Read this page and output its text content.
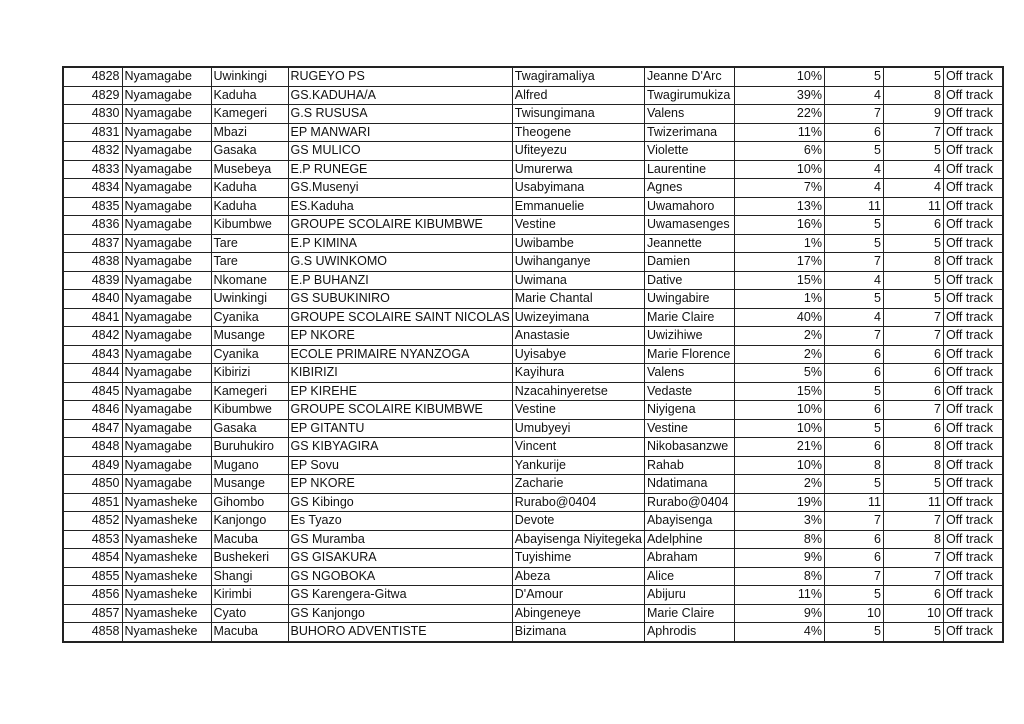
4828	Nyamagabe	Uwinkingi	RUGEYO PS	Twagiramaliya	Jeanne D'Arc	10%	5	5	Off track
4829	Nyamagabe	Kaduha	GS.KADUHA/A	Alfred	Twagirumukiza	39%	4	8	Off track
4830	Nyamagabe	Kamegeri	G.S RUSUSA	Twisungimana	Valens	22%	7	9	Off track
4831	Nyamagabe	Mbazi	EP MANWARI	Theogene	Twizerimana	11%	6	7	Off track
4832	Nyamagabe	Gasaka	GS MULICO	Ufiteyezu	Violette	6%	5	5	Off track
4833	Nyamagabe	Musebeya	E.P RUNEGE	Umurerwa	Laurentine	10%	4	4	Off track
4834	Nyamagabe	Kaduha	GS.Musenyi	Usabyimana	Agnes	7%	4	4	Off track
4835	Nyamagabe	Kaduha	ES.Kaduha	Emmanuelie	Uwamahoro	13%	11	11	Off track
4836	Nyamagabe	Kibumbwe	GROUPE SCOLAIRE KIBUMBWE	Vestine	Uwamasenges	16%	5	6	Off track
4837	Nyamagabe	Tare	E.P KIMINA	Uwibambe	Jeannette	1%	5	5	Off track
4838	Nyamagabe	Tare	G.S UWINKOMO	Uwihanganye	Damien	17%	7	8	Off track
4839	Nyamagabe	Nkomane	E.P BUHANZI	Uwimana	Dative	15%	4	5	Off track
4840	Nyamagabe	Uwinkingi	GS SUBUKINIRO	Marie Chantal	Uwingabire	1%	5	5	Off track
4841	Nyamagabe	Cyanika	GROUPE SCOLAIRE SAINT NICOLAS	Uwizeyimana	Marie Claire	40%	4	7	Off track
4842	Nyamagabe	Musange	EP NKORE	Anastasie	Uwizihiwe	2%	7	7	Off track
4843	Nyamagabe	Cyanika	ECOLE PRIMAIRE NYANZOGA	Uyisabye	Marie Florence	2%	6	6	Off track
4844	Nyamagabe	Kibirizi	KIBIRIZI	Kayihura	Valens	5%	6	6	Off track
4845	Nyamagabe	Kamegeri	EP KIREHE	Nzacahinyeretse	Vedaste	15%	5	6	Off track
4846	Nyamagabe	Kibumbwe	GROUPE SCOLAIRE KIBUMBWE	Vestine	Niyigena	10%	6	7	Off track
4847	Nyamagabe	Gasaka	EP GITANTU	Umubyeyi	Vestine	10%	5	6	Off track
4848	Nyamagabe	Buruhukiro	GS KIBYAGIRA	Vincent	Nikobasanzwe	21%	6	8	Off track
4849	Nyamagabe	Mugano	EP Sovu	Yankurije	Rahab	10%	8	8	Off track
4850	Nyamagabe	Musange	EP NKORE	Zacharie	Ndatimana	2%	5	5	Off track
4851	Nyamasheke	Gihombo	GS Kibingo	Rurabo@0404	Rurabo@0404	19%	11	11	Off track
4852	Nyamasheke	Kanjongo	Es Tyazo	Devote	Abayisenga	3%	7	7	Off track
4853	Nyamasheke	Macuba	GS Muramba	Abayisenga Niyitegeka	Adelphine	8%	6	8	Off track
4854	Nyamasheke	Bushekeri	GS GISAKURA	Tuyishime	Abraham	9%	6	7	Off track
4855	Nyamasheke	Shangi	GS NGOBOKA	Abeza	Alice	8%	7	7	Off track
4856	Nyamasheke	Kirimbi	GS Karengera-Gitwa	D'Amour	Abijuru	11%	5	6	Off track
4857	Nyamasheke	Cyato	GS Kanjongo	Abingeneye	Marie Claire	9%	10	10	Off track
4858	Nyamasheke	Macuba	BUHORO ADVENTISTE	Bizimana	Aphrodis	4%	5	5	Off track
